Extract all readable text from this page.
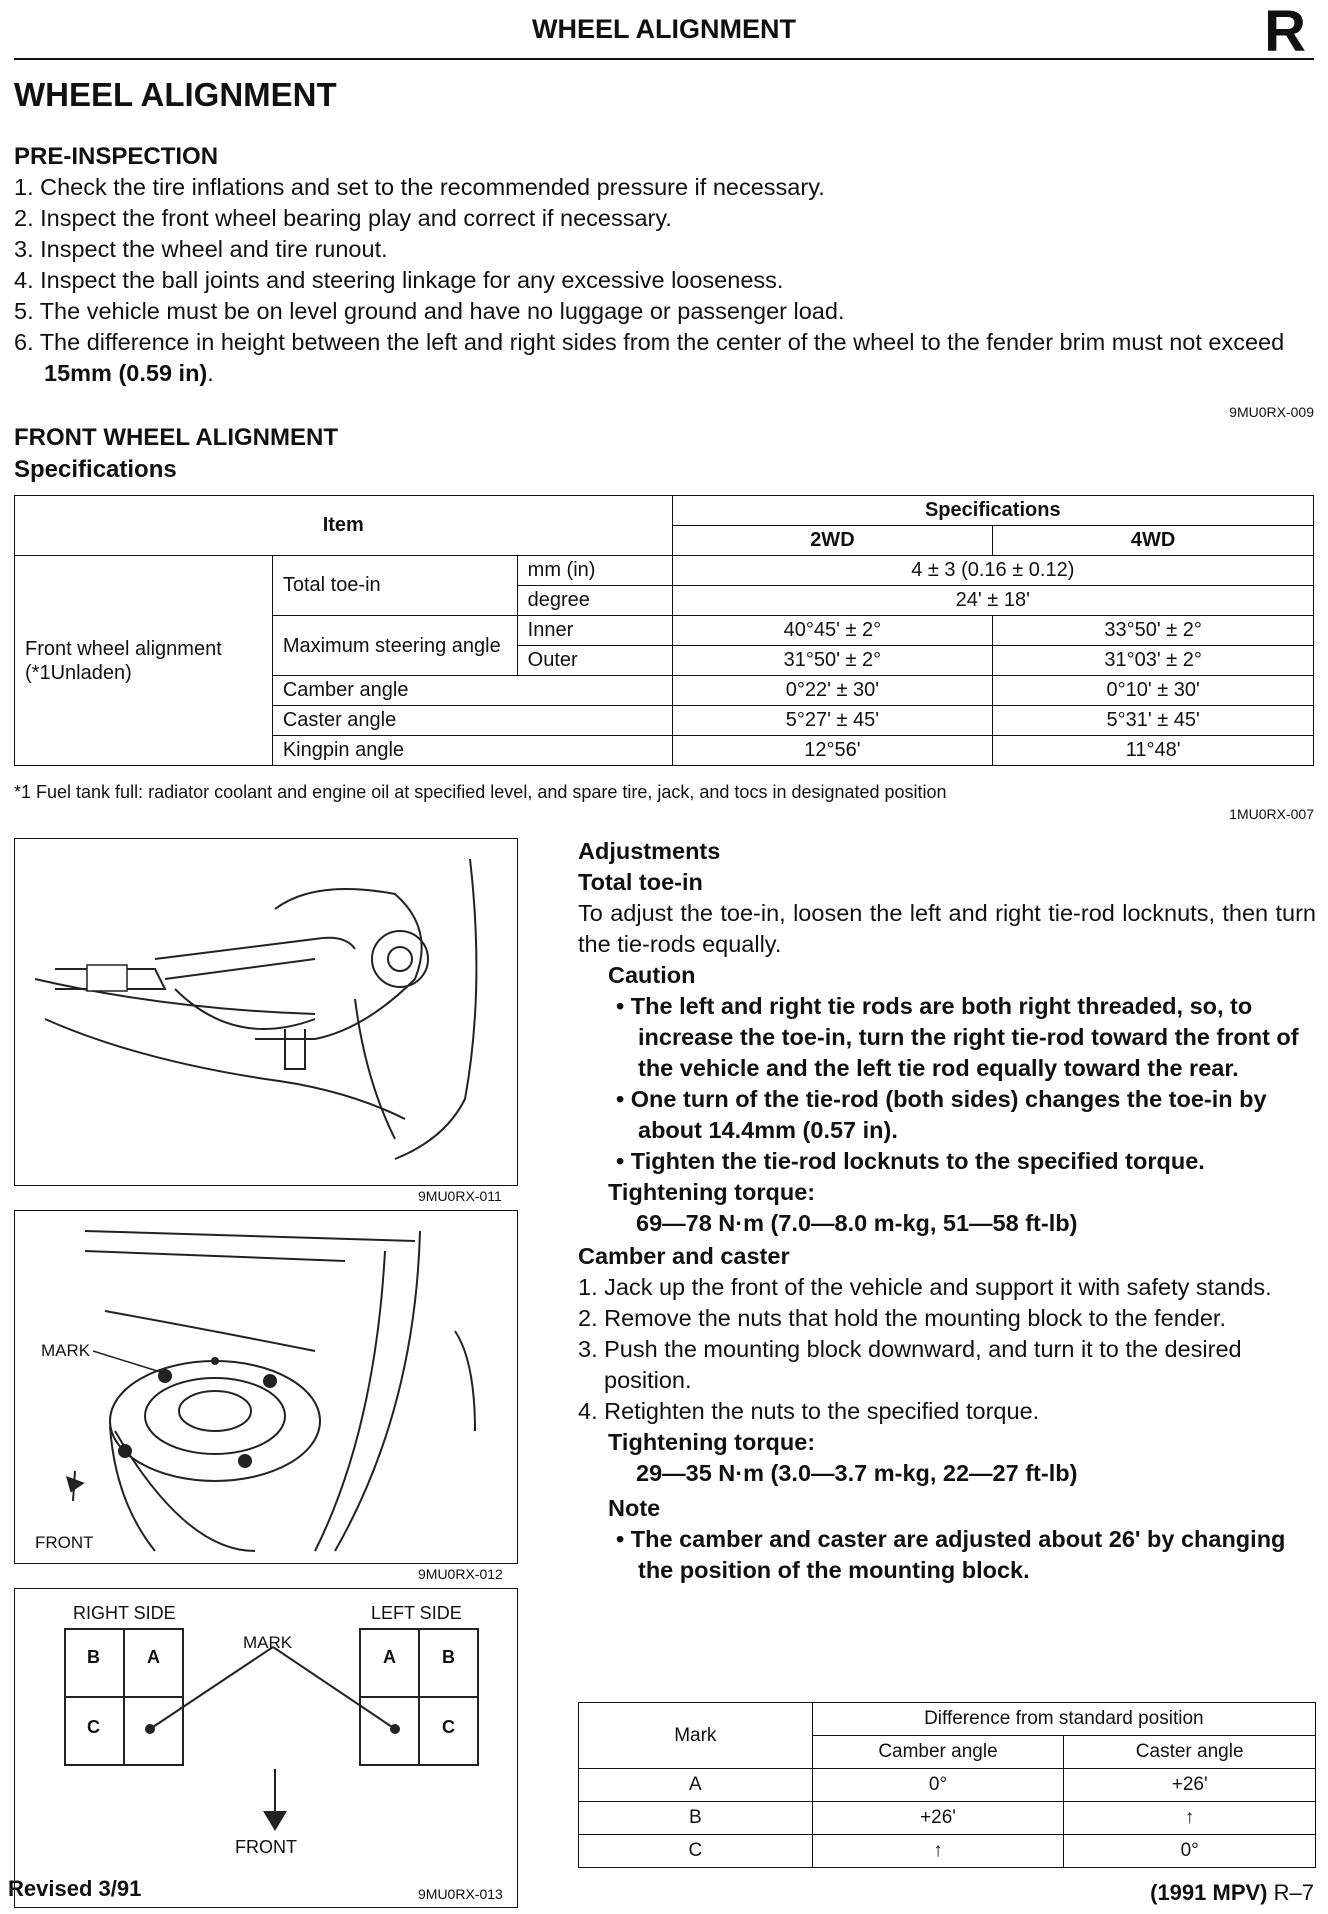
WHEEL ALIGNMENT	R
WHEEL ALIGNMENT
PRE-INSPECTION
1. Check the tire inflations and set to the recommended pressure if necessary.
2. Inspect the front wheel bearing play and correct if necessary.
3. Inspect the wheel and tire runout.
4. Inspect the ball joints and steering linkage for any excessive looseness.
5. The vehicle must be on level ground and have no luggage or passenger load.
6. The difference in height between the left and right sides from the center of the wheel to the fender brim must not exceed 15mm (0.59 in).
9MU0RX-009
FRONT WHEEL ALIGNMENT
Specifications
Item			Specifications	
			2WD	4WD

Front wheel alignment
(*1Unladen)	Total toe-in	mm (in)	4 ± 3 (0.16 ± 0.12)	
		degree	24' ± 18'	
	Maximum steering angle	Inner	40°45' ± 2°	33°50' ± 2°
		Outer	31°50' ± 2°	31°03' ± 2°
	Camber angle		0°22' ± 30'	0°10' ± 30'
	Caster angle		5°27' ± 45'	5°31' ± 45'
	Kingpin angle		12°56'	11°48'
*1 Fuel tank full: radiator coolant and engine oil at specified level, and spare tire, jack, and tocs in designated position
1MU0RX-007
9MU0RX-011
MARK
FRONT
9MU0RX-012
RIGHT SIDE	LEFT SIDE
MARK
B	A
C
A	B
C
FRONT
9MU0RX-013
Adjustments
Total toe-in
To adjust the toe-in, loosen the left and right tie-rod locknuts, then turn the tie-rods equally.
Caution
• The left and right tie rods are both right threaded, so, to increase the toe-in, turn the right tie-rod toward the front of the vehicle and the left tie rod equally toward the rear.
• One turn of the tie-rod (both sides) changes the toe-in by about 14.4mm (0.57 in).
• Tighten the tie-rod locknuts to the specified torque.
Tightening torque:
69—78 N·m (7.0—8.0 m-kg, 51—58 ft-lb)
Camber and caster
1. Jack up the front of the vehicle and support it with safety stands.
2. Remove the nuts that hold the mounting block to the fender.
3. Push the mounting block downward, and turn it to the desired position.
4. Retighten the nuts to the specified torque.
Tightening torque:
29—35 N·m (3.0—3.7 m-kg, 22—27 ft-lb)
Note
• The camber and caster are adjusted about 26' by changing the position of the mounting block.
Mark	Difference from standard position	
	Camber angle	Caster angle
A	0°	+26'
B	+26'	↑
C	↑	0°
Revised 3/91	(1991 MPV) R–7
